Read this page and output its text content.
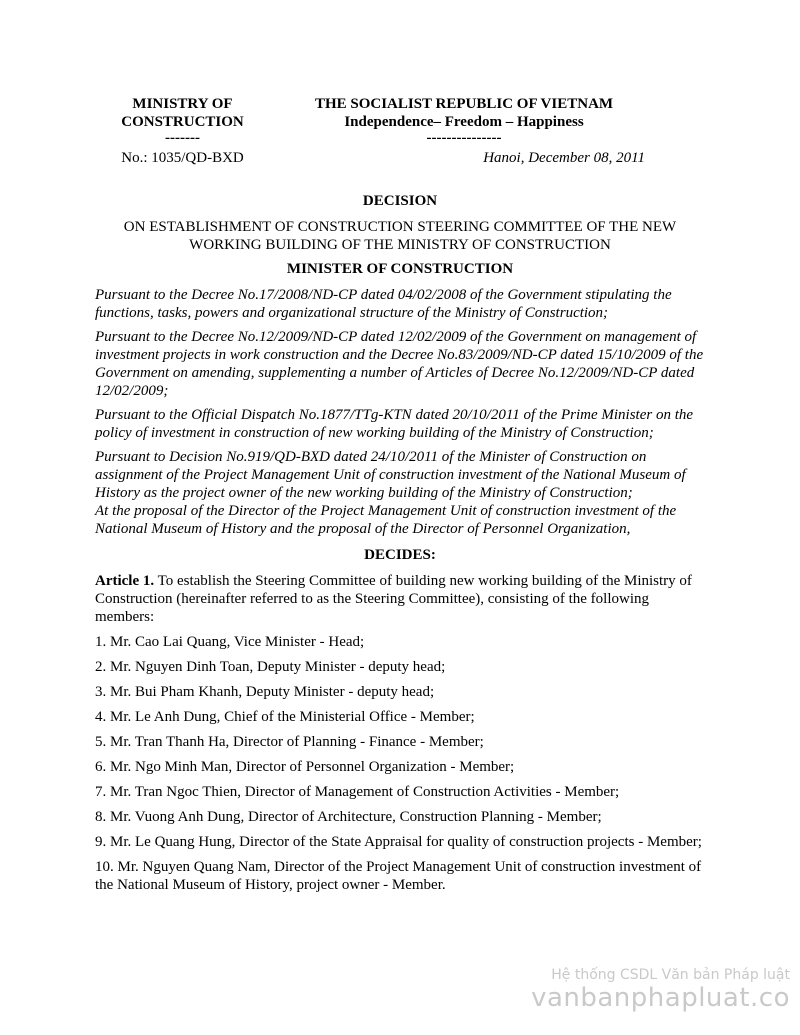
MINISTRY OF
CONSTRUCTION
-------
THE SOCIALIST REPUBLIC OF VIETNAM
Independence– Freedom – Happiness
---------------
No.: 1035/QD-BXD	Hanoi, December 08, 2011
DECISION
ON ESTABLISHMENT OF CONSTRUCTION STEERING COMMITTEE OF THE NEW WORKING BUILDING OF THE MINISTRY OF CONSTRUCTION
MINISTER OF CONSTRUCTION

Pursuant to the Decree No.17/2008/ND-CP dated 04/02/2008 of the Government stipulating the functions, tasks, powers and organizational structure of the Ministry of Construction;

Pursuant to the Decree No.12/2009/ND-CP dated 12/02/2009 of the Government on management of investment projects in work construction and the Decree No.83/2009/ND-CP dated 15/10/2009 of the Government on amending, supplementing a number of Articles of Decree No.12/2009/ND-CP dated 12/02/2009;

Pursuant to the Official Dispatch No.1877/TTg-KTN dated 20/10/2011 of the Prime Minister on the policy of investment in construction of new working building of the Ministry of Construction;

Pursuant to Decision No.919/QD-BXD dated 24/10/2011 of the Minister of Construction on assignment of the Project Management Unit of construction investment of the National Museum of History as the project owner of the new working building of the Ministry of Construction;

At the proposal of the Director of the Project Management Unit of construction investment of the National Museum of History and the proposal of the Director of Personnel Organization,

DECIDES:

Article 1. To establish the Steering Committee of building new working building of the Ministry of Construction (hereinafter referred to as the Steering Committee), consisting of the following members:

1. Mr. Cao Lai Quang, Vice Minister - Head;
2. Mr. Nguyen Dinh Toan, Deputy Minister - deputy head;
3. Mr. Bui Pham Khanh, Deputy Minister - deputy head;
4. Mr. Le Anh Dung, Chief of the Ministerial Office - Member;
5. Mr. Tran Thanh Ha, Director of Planning - Finance - Member;
6. Mr. Ngo Minh Man, Director of Personnel Organization - Member;
7. Mr. Tran Ngoc Thien, Director of Management of Construction Activities - Member;
8. Mr. Vuong Anh Dung, Director of Architecture, Construction Planning - Member;
9. Mr. Le Quang Hung, Director of the State Appraisal for quality of construction projects - Member;
10. Mr. Nguyen Quang Nam, Director of the Project Management Unit of construction investment of the National Museum of History, project owner - Member.
Hệ thống CSDL Văn bản Pháp luật
vanbanphapluat.co
